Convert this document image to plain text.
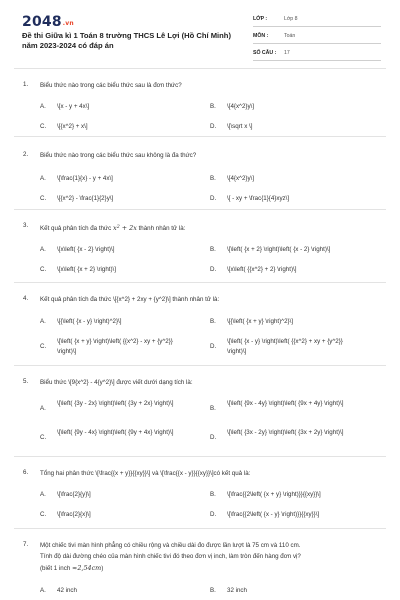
2048.vn
Đề thi Giữa kì 1 Toán 8 trường THCS Lê Lợi (Hồ Chí Minh) năm 2023-2024 có đáp án
LỚP :	Lớp 8
MÔN :	Toán
SỐ CÂU : 17
1. Biểu thức nào trong các biểu thức sau là đơn thức?
A. \[x - y + 4x\]	B. \[4{x^2}y\]
C. \[{x^2} + x\]	D. \[\sqrt x \]
2. Biểu thức nào trong các biểu thức sau không là đa thức?
A. \[\frac{1}{x} - y + 4x\]	B. \[4{x^2}y\]
C. \[{x^2} - \frac{1}{2}y\]	D. \[ - xy + \frac{1}{4}xyz\]
3. Kết quả phân tích đa thức $x^2 + 2x$ thành nhân tử là:
A. \[x\left( {x - 2} \right)\]	B. \[\left( {x + 2} \right)\left( {x - 2} \right)\]
C. \[x\left( {x + 2} \right)\]	D. \[x\left( {{x^2} + 2} \right)\]
4. Kết quả phân tích đa thức \[{x^2} + 2xy + {y^2}\] thành nhân tử là:
A. \[{\left( {x - y} \right)^2}\]	B. \[{\left( {x + y} \right)^2}\]
C.
\[\left( {x + y} \right)\left( {{x^2} - xy + {y^2}} \right)\]
D.
\[\left( {x - y} \right)\left( {{x^2} + xy + {y^2}} \right)\]
5. Biểu thức \[9{x^2} - 4{y^2}\] được viết dưới dạng tích là:
A.
\[\left( {3y - 2x} \right)\left( {3y + 2x} \right)\]
B.
\[\left( {9x - 4y} \right)\left( {9x + 4y} \right)\]
C.
\[\left( {9y - 4x} \right)\left( {9y + 4x} \right)\]
D.
\[\left( {3x - 2y} \right)\left( {3x + 2y} \right)\]
6. Tổng hai phân thức \[\frac{{x + y}}{{xy}}\] và \[\frac{{x - y}}{{xy}}\]có kết quả là:
A. \[\frac{2}{y}\]	B. \[\frac{{2\left( {x + y} \right)}}{{xy}}\]
C. \[\frac{2}{x}\]	D. \[\frac{{2\left( {x - y} \right)}}{{xy}}\]
7. Một chiếc tivi màn hình phẳng có chiều rộng và chiều dài đo được lần lượt là 75 cm và 110 cm.
Tính độ dài đường chéo của màn hình chiếc tivi đó theo đơn vị inch, làm tròn đến hàng đơn vị?
(biết 1 inch ≈2,54cm)
A. 42 inch	B. 32 inch
